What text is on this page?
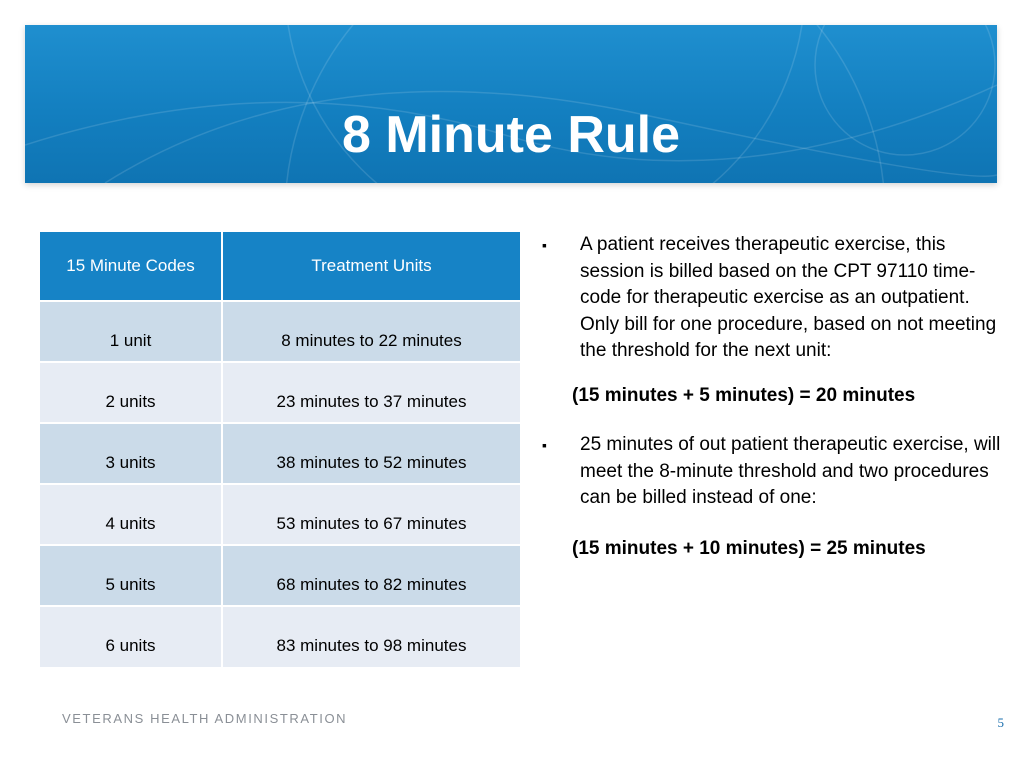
8 Minute Rule
15 Minute Codes	Treatment Units
1 unit	8 minutes to 22 minutes
2 units	23 minutes to 37 minutes
3 units	38 minutes to 52 minutes
4 units	53 minutes to 67 minutes
5 units	68 minutes to 82 minutes
6 units	83 minutes to 98 minutes
▪ A patient receives therapeutic exercise, this session is billed based on the CPT 97110 time-code for therapeutic exercise as an outpatient. Only bill for one procedure, based on not meeting the threshold for the next unit:
(15 minutes + 5 minutes) = 20 minutes
▪ 25 minutes of out patient therapeutic exercise, will meet the 8-minute threshold and two procedures can be billed instead of one:
(15 minutes + 10 minutes) = 25 minutes
VETERANS HEALTH ADMINISTRATION	5
